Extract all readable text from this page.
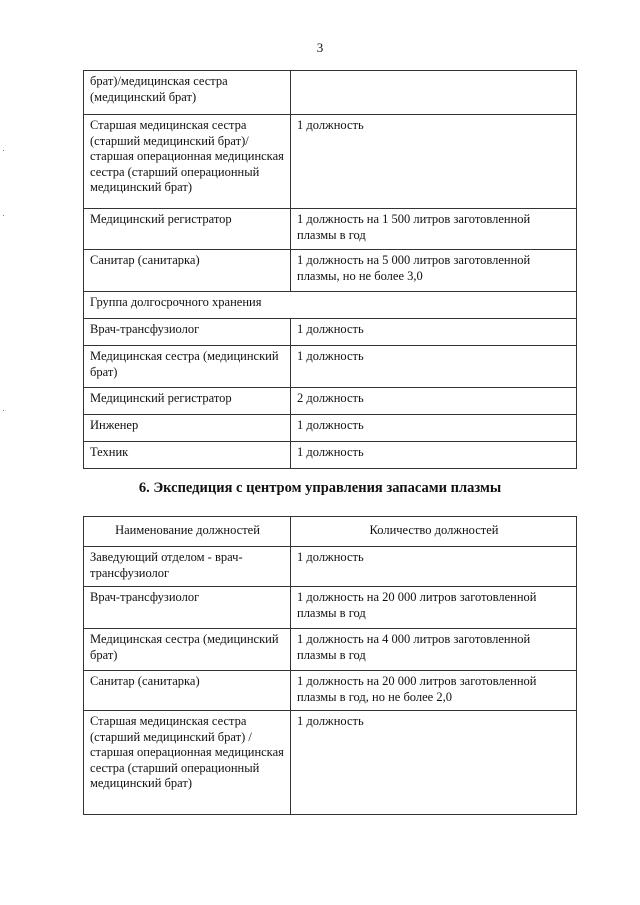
3
брат)/медицинская сестра (медицинский брат)	
Старшая медицинская сестра (старший медицинский брат)/ старшая операционная медицинская сестра (старший операционный медицинский брат)	1 должность
Медицинский регистратор	1 должность на 1 500 литров заготовленной плазмы в год
Санитар (санитарка)	1 должность на 5 000 литров заготовленной плазмы, но не более 3,0
Группа долгосрочного хранения	
Врач-трансфузиолог	1 должность
Медицинская сестра (медицинский брат)	1 должность
Медицинский регистратор	2 должность
Инженер	1 должность
Техник	1 должность
6. Экспедиция с центром управления запасами плазмы
Наименование должностей	Количество должностей
Заведующий отделом - врач-трансфузиолог	1 должность
Врач-трансфузиолог	1 должность на 20 000 литров заготовленной плазмы в год
Медицинская сестра (медицинский брат)	1 должность на 4 000 литров заготовленной плазмы в год
Санитар (санитарка)	1 должность на 20 000 литров заготовленной плазмы в год, но не более 2,0
Старшая медицинская сестра (старший медицинский брат) /старшая операционная медицинская сестра (старший операционный медицинский брат)	1 должность
